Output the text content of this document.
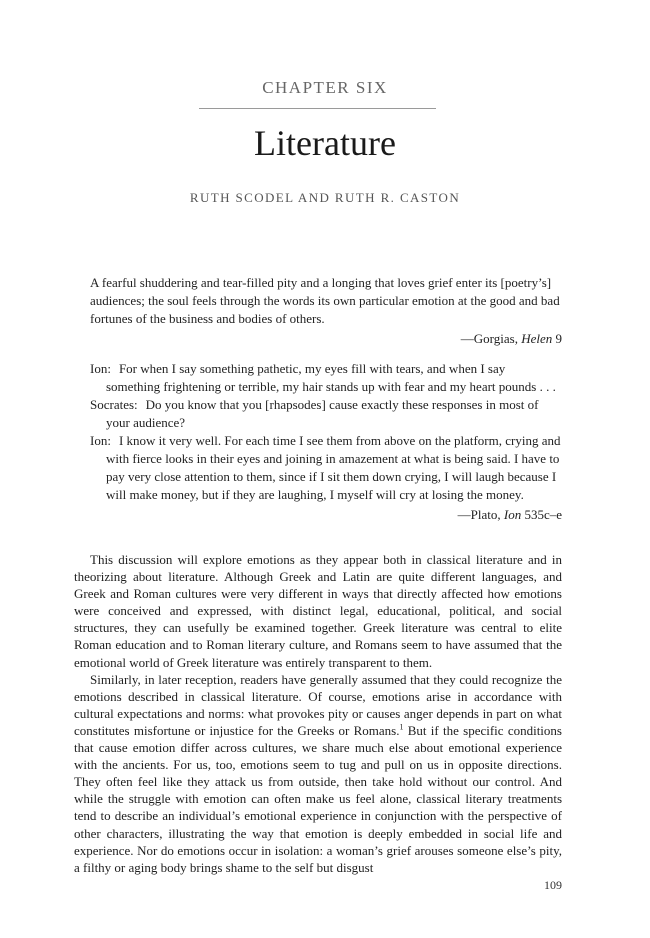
CHAPTER SIX
Literature
RUTH SCODEL AND RUTH R. CASTON

A fearful shuddering and tear-filled pity and a longing that loves grief enter its [poetry’s] audiences; the soul feels through the words its own particular emotion at the good and bad fortunes of the business and bodies of others.

—Gorgias, Helen 9

Ion: For when I say something pathetic, my eyes fill with tears, and when I say something frightening or terrible, my hair stands up with fear and my heart pounds . . .

Socrates: Do you know that you [rhapsodes] cause exactly these responses in most of your audience?

Ion: I know it very well. For each time I see them from above on the platform, crying and with fierce looks in their eyes and joining in amazement at what is being said. I have to pay very close attention to them, since if I sit them down crying, I will laugh because I will make money, but if they are laughing, I myself will cry at losing the money.

—Plato, Ion 535c–e

This discussion will explore emotions as they appear both in classical literature and in theorizing about literature. Although Greek and Latin are quite different languages, and Greek and Roman cultures were very different in ways that directly affected how emotions were conceived and expressed, with distinct legal, educational, political, and social structures, they can usefully be examined together. Greek literature was central to elite Roman education and to Roman literary culture, and Romans seem to have assumed that the emotional world of Greek literature was entirely transparent to them.

Similarly, in later reception, readers have generally assumed that they could recognize the emotions described in classical literature. Of course, emotions arise in accordance with cultural expectations and norms: what provokes pity or causes anger depends in part on what constitutes misfortune or injustice for the Greeks or Romans.$^1$ But if the specific conditions that cause emotion differ across cultures, we share much else about emotional experience with the ancients. For us, too, emotions seem to tug and pull on us in opposite directions. They often feel like they attack us from outside, then take hold without our control. And while the struggle with emotion can often make us feel alone, classical literary treatments tend to describe an individual’s emotional experience in conjunction with the perspective of other characters, illustrating the way that emotion is deeply embedded in social life and experience. Nor do emotions occur in isolation: a woman’s grief arouses someone else’s pity, a filthy or aging body brings shame to the self but disgust

109
